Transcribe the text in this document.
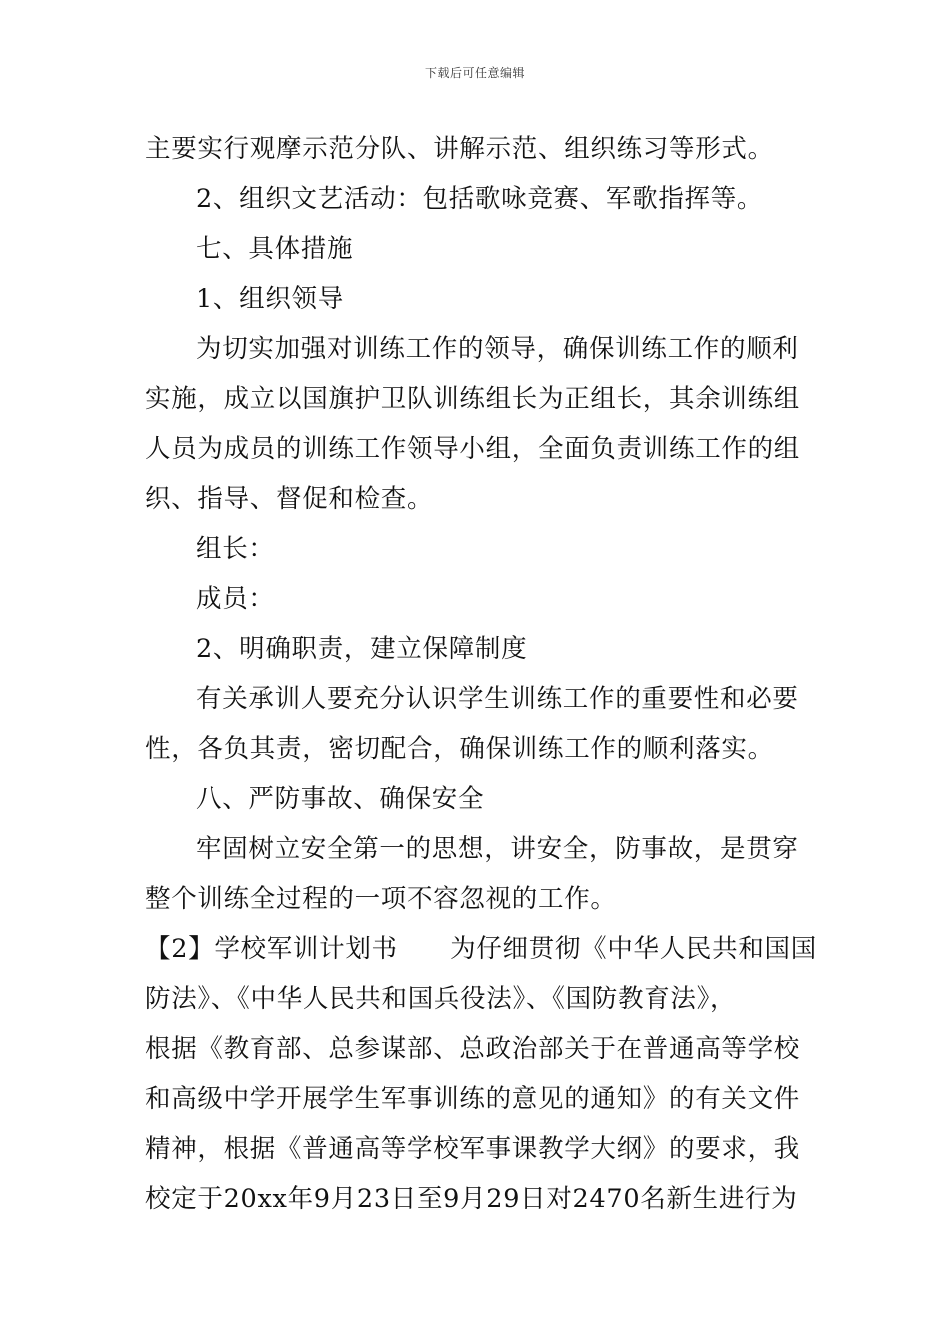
下载后可任意编辑
主要实行观摩示范分队、讲解示范、组织练习等形式。
2、组织文艺活动：包括歌咏竞赛、军歌指挥等。
七、具体措施
1、组织领导
为切实加强对训练工作的领导，确保训练工作的顺利
实施，成立以国旗护卫队训练组长为正组长，其余训练组
人员为成员的训练工作领导小组，全面负责训练工作的组
织、指导、督促和检查。
组长：
成员：
2、明确职责，建立保障制度
有关承训人要充分认识学生训练工作的重要性和必要
性，各负其责，密切配合，确保训练工作的顺利落实。
八、严防事故、确保安全
牢固树立安全第一的思想，讲安全，防事故，是贯穿
整个训练全过程的一项不容忽视的工作。
【2】学校军训计划书　　为仔细贯彻《中华人民共和国国
防法》、《中华人民共和国兵役法》、《国防教育法》，
根据《教育部、总参谋部、总政治部关于在普通高等学校
和高级中学开展学生军事训练的意见的通知》的有关文件
精神，根据《普通高等学校军事课教学大纲》的要求，我
校定于20xx年9月23日至9月29日对2470名新生进行为
